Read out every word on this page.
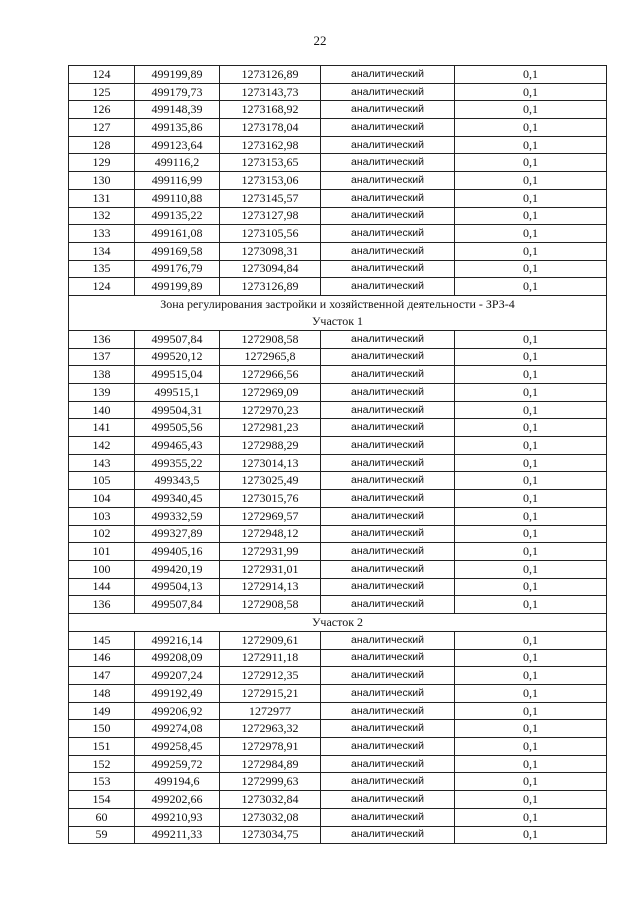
22
124	499199,89	1273126,89	аналитический	0,1
125	499179,73	1273143,73	аналитический	0,1
126	499148,39	1273168,92	аналитический	0,1
127	499135,86	1273178,04	аналитический	0,1
128	499123,64	1273162,98	аналитический	0,1
129	499116,2	1273153,65	аналитический	0,1
130	499116,99	1273153,06	аналитический	0,1
131	499110,88	1273145,57	аналитический	0,1
132	499135,22	1273127,98	аналитический	0,1
133	499161,08	1273105,56	аналитический	0,1
134	499169,58	1273098,31	аналитический	0,1
135	499176,79	1273094,84	аналитический	0,1
124	499199,89	1273126,89	аналитический	0,1

Зона регулирования застройки и хозяйственной деятельности - ЗРЗ-4
Участок 1				

136	499507,84	1272908,58	аналитический	0,1
137	499520,12	1272965,8	аналитический	0,1
138	499515,04	1272966,56	аналитический	0,1
139	499515,1	1272969,09	аналитический	0,1
140	499504,31	1272970,23	аналитический	0,1
141	499505,56	1272981,23	аналитический	0,1
142	499465,43	1272988,29	аналитический	0,1
143	499355,22	1273014,13	аналитический	0,1
105	499343,5	1273025,49	аналитический	0,1
104	499340,45	1273015,76	аналитический	0,1
103	499332,59	1272969,57	аналитический	0,1
102	499327,89	1272948,12	аналитический	0,1
101	499405,16	1272931,99	аналитический	0,1
100	499420,19	1272931,01	аналитический	0,1
144	499504,13	1272914,13	аналитический	0,1
136	499507,84	1272908,58	аналитический	0,1

Участок 2				

145	499216,14	1272909,61	аналитический	0,1
146	499208,09	1272911,18	аналитический	0,1
147	499207,24	1272912,35	аналитический	0,1
148	499192,49	1272915,21	аналитический	0,1
149	499206,92	1272977	аналитический	0,1
150	499274,08	1272963,32	аналитический	0,1
151	499258,45	1272978,91	аналитический	0,1
152	499259,72	1272984,89	аналитический	0,1
153	499194,6	1272999,63	аналитический	0,1
154	499202,66	1273032,84	аналитический	0,1
60	499210,93	1273032,08	аналитический	0,1
59	499211,33	1273034,75	аналитический	0,1
